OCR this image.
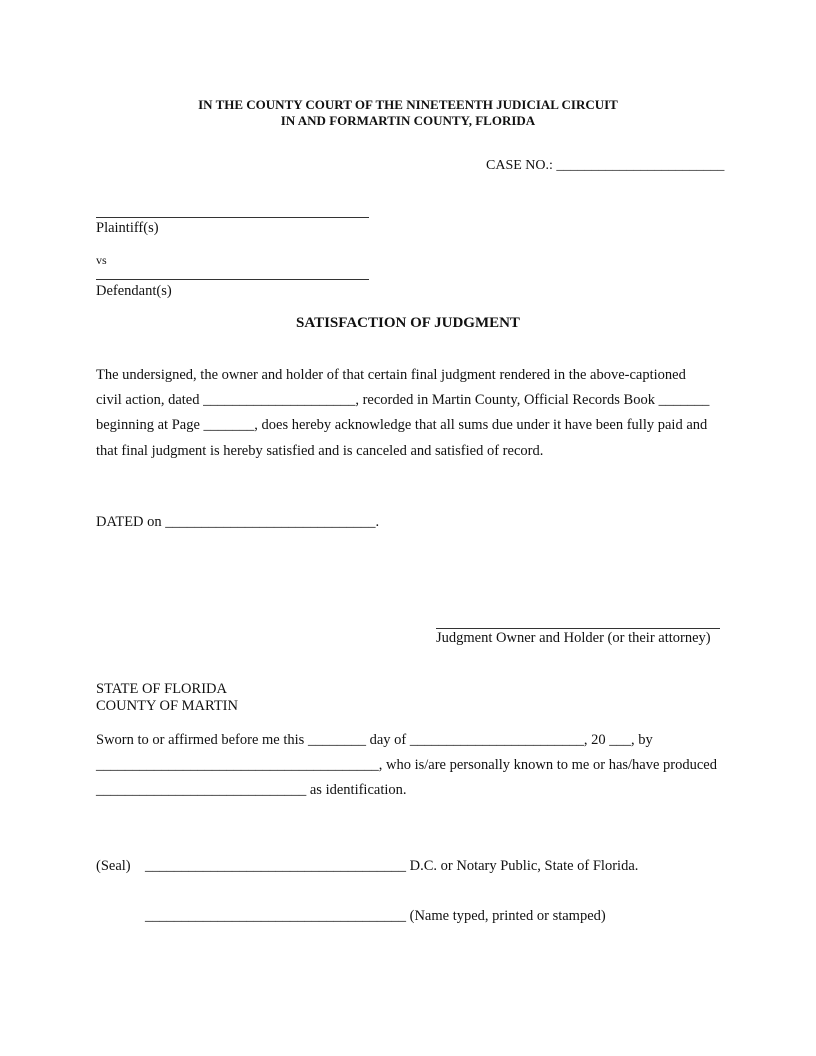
IN THE COUNTY COURT OF THE NINETEENTH JUDICIAL CIRCUIT
IN AND FORMARTIN COUNTY, FLORIDA
CASE NO.: ________________________
Plaintiff(s)
vs
Defendant(s)
SATISFACTION OF JUDGMENT
The undersigned, the owner and holder of that certain final judgment rendered in the above-captioned
civil action, dated _____________________, recorded in Martin County, Official Records Book _______
beginning at Page _______, does hereby acknowledge that all sums due under it have been fully paid and
that final judgment is hereby satisfied and is canceled and satisfied of record.
DATED on _____________________________.
Judgment Owner and Holder (or their attorney)
STATE OF FLORIDA
COUNTY OF MARTIN
Sworn to or affirmed before me this ________ day of ________________________, 20 ___, by
_______________________________________, who is/are personally known to me or has/have produced
_____________________________ as identification.
(Seal) ____________________________________ D.C. or Notary Public, State of Florida.
____________________________________ (Name typed, printed or stamped)
